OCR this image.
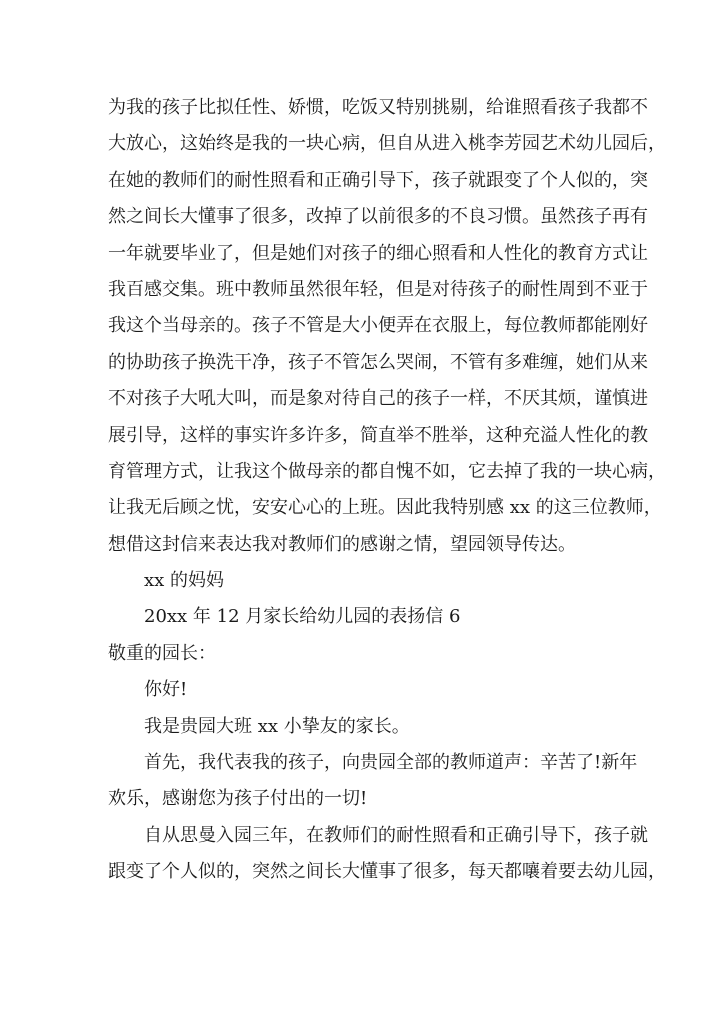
为我的孩子比拟任性、娇惯，吃饭又特别挑剔，给谁照看孩子我都不
大放心，这始终是我的一块心病，但自从进入桃李芳园艺术幼儿园后，
在她的教师们的耐性照看和正确引导下，孩子就跟变了个人似的，突
然之间长大懂事了很多，改掉了以前很多的不良习惯。虽然孩子再有
一年就要毕业了，但是她们对孩子的细心照看和人性化的教育方式让
我百感交集。班中教师虽然很年轻，但是对待孩子的耐性周到不亚于
我这个当母亲的。孩子不管是大小便弄在衣服上，每位教师都能刚好
的协助孩子换洗干净，孩子不管怎么哭闹，不管有多难缠，她们从来
不对孩子大吼大叫，而是象对待自己的孩子一样，不厌其烦，谨慎进
展引导，这样的事实许多许多，简直举不胜举，这种充溢人性化的教
育管理方式，让我这个做母亲的都自愧不如，它去掉了我的一块心病，
让我无后顾之忧，安安心心的上班。因此我特别感 xx 的这三位教师，
想借这封信来表达我对教师们的感谢之情，望园领导传达。
xx 的妈妈
20xx 年 12 月家长给幼儿园的表扬信 6
敬重的园长：
你好!
我是贵园大班 xx 小挚友的家长。
首先，我代表我的孩子，向贵园全部的教师道声：辛苦了!新年
欢乐，感谢您为孩子付出的一切!
自从思曼入园三年，在教师们的耐性照看和正确引导下，孩子就
跟变了个人似的，突然之间长大懂事了很多，每天都嚷着要去幼儿园，
